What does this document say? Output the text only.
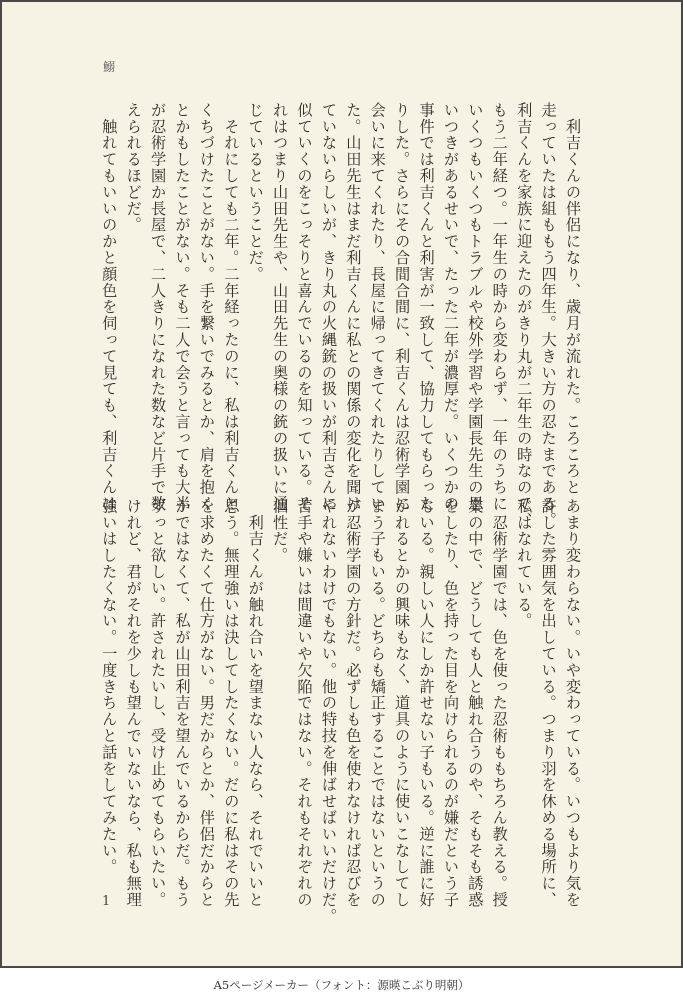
鰯
　利吉くんの伴侶になり、歳月が流れた。ころころと
走っていたは組ももう四年生。大きい方の忍たまである。
利吉くんを家族に迎えたのがきり丸が二年生の時なので、
もう二年経つ。一年生の時から変わらず、一年のうちに
いくつもいくつもトラブルや校外学習や学園長先生の思
いつきがあるせいで、たった二年が濃厚だ。いくつかの
事件では利吉くんと利害が一致して、協力してもらった
りした。さらにその合間合間に、利吉くんは忍術学園に
会いに来てくれたり、長屋に帰ってきてくれたりしてい
た。山田先生はまだ利吉くんに私との関係の変化を聞け
ていないらしいが、きり丸の火縄銃の扱いが利吉さんに
似ていくのをこっそりと喜んでいるのを知っている。そ
れはつまり山田先生や、山田先生の奥様の銃の扱いに通
じているということだ。
　それにしても二年。二年経ったのに、私は利吉くんと
くちづけたことがない。手を繋いでみるとか、肩を抱く
とかもしたことがない。そも二人で会うと言っても大半
が忍術学園か長屋で、二人きりになれた数など片手で数
えられるほどだ。
　触れてもいいのかと顔色を伺って見ても、利吉くんは
あまり変わらない。いや変わっている。いつもより気を
許した雰囲気を出している。つまり羽を休める場所に、
私はなれている。
　忍術学園では、色を使った忍術ももちろん教える。授
業の中で、どうしても人と触れ合うのや、そもそも誘惑
をしたり、色を持った目を向けられるのが嫌だという子
もいる。親しい人にしか許せない子もいる。逆に誰に好
かれるとかの興味もなく、道具のように使いこなしてし
まう子もいる。どちらも矯正することではないというの
が忍術学園の方針だ。必ずしも色を使わなければ忍びを
やれないわけでもない。他の特技を伸ばせばいいだけだ。
苦手や嫌いは間違いや欠陥ではない。それもそれぞれの
個性だ。
　利吉くんが触れ合いを望まない人なら、それでいいと
思う。無理強いは決してしたくない。だのに私はその先
を求めたくて仕方がない。男だからとか、伴侶だからと
かではなくて、私が山田利吉を望んでいるからだ。もう
ずっと欲しい。許されたいし、受け止めてもらいたい。
けれど、君がそれを少しも望んでいないなら、私も無理
強いはしたくない。一度きちんと話をしてみたい。
1
A5ページメーカー（フォント：源暎こぶり明朝）
